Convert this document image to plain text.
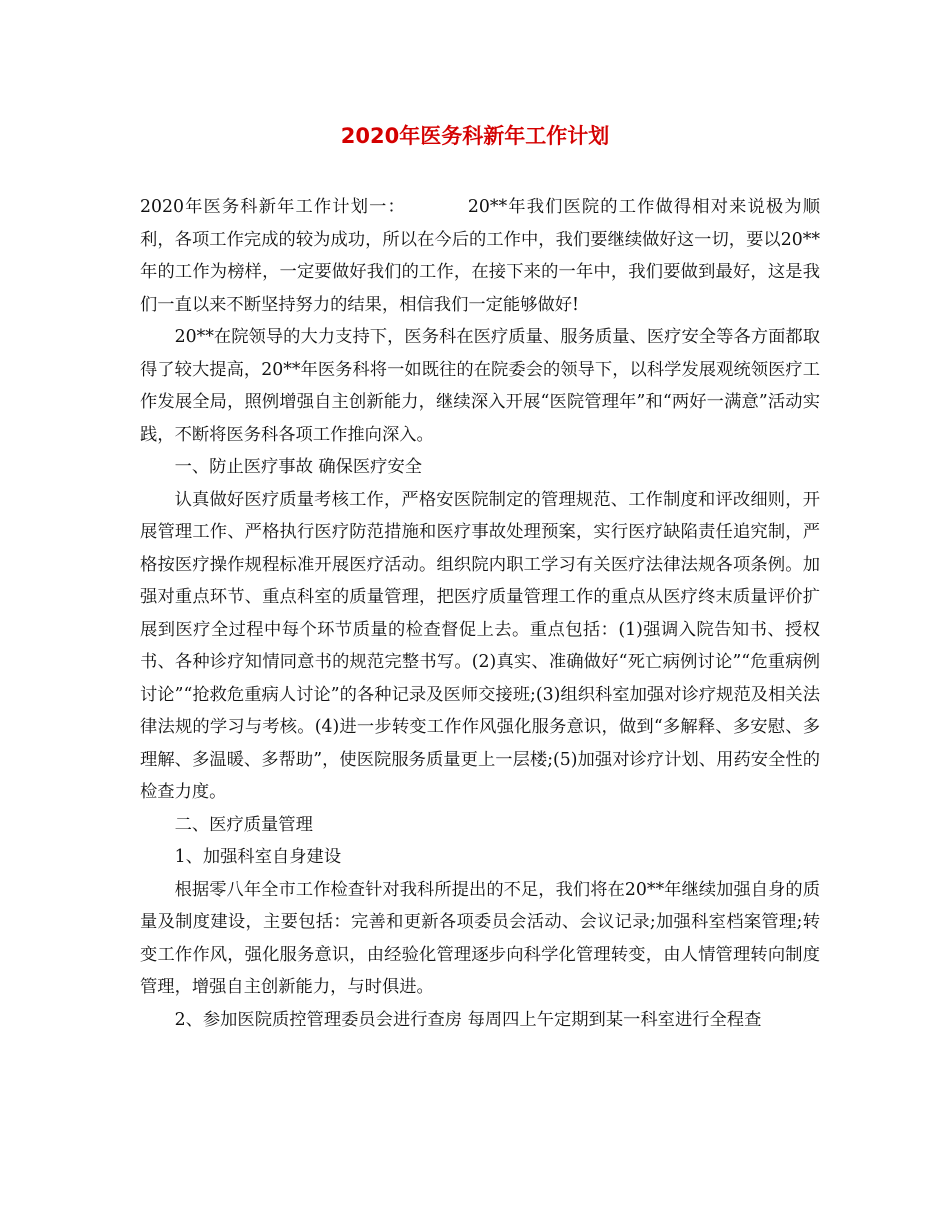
2020年医务科新年工作计划

2020年医务科新年工作计划一：	20**年我们医院的工作做得相对来说极为顺利，各项工作完成的较为成功，所以在今后的工作中，我们要继续做好这一切，要以20**年的工作为榜样，一定要做好我们的工作，在接下来的一年中，我们要做到最好，这是我们一直以来不断坚持努力的结果，相信我们一定能够做好!

20**在院领导的大力支持下，医务科在医疗质量、服务质量、医疗安全等各方面都取得了较大提高，20**年医务科将一如既往的在院委会的领导下，以科学发展观统领医疗工作发展全局，照例增强自主创新能力，继续深入开展“医院管理年”和“两好一满意”活动实践，不断将医务科各项工作推向深入。

一、防止医疗事故 确保医疗安全

认真做好医疗质量考核工作，严格安医院制定的管理规范、工作制度和评改细则，开展管理工作、严格执行医疗防范措施和医疗事故处理预案，实行医疗缺陷责任追究制，严格按医疗操作规程标准开展医疗活动。组织院内职工学习有关医疗法律法规各项条例。加强对重点环节、重点科室的质量管理，把医疗质量管理工作的重点从医疗终末质量评价扩展到医疗全过程中每个环节质量的检查督促上去。重点包括：(1)强调入院告知书、授权书、各种诊疗知情同意书的规范完整书写。(2)真实、准确做好“死亡病例讨论”“危重病例讨论”“抢救危重病人讨论”的各种记录及医师交接班;(3)组织科室加强对诊疗规范及相关法律法规的学习与考核。(4)进一步转变工作作风强化服务意识，做到“多解释、多安慰、多理解、多温暖、多帮助”，使医院服务质量更上一层楼;(5)加强对诊疗计划、用药安全性的检查力度。

二、医疗质量管理

1、加强科室自身建设

根据零八年全市工作检查针对我科所提出的不足，我们将在20**年继续加强自身的质量及制度建设，主要包括：完善和更新各项委员会活动、会议记录;加强科室档案管理;转变工作作风，强化服务意识，由经验化管理逐步向科学化管理转变，由人情管理转向制度管理，增强自主创新能力，与时俱进。

2、参加医院质控管理委员会进行查房 每周四上午定期到某一科室进行全程查
